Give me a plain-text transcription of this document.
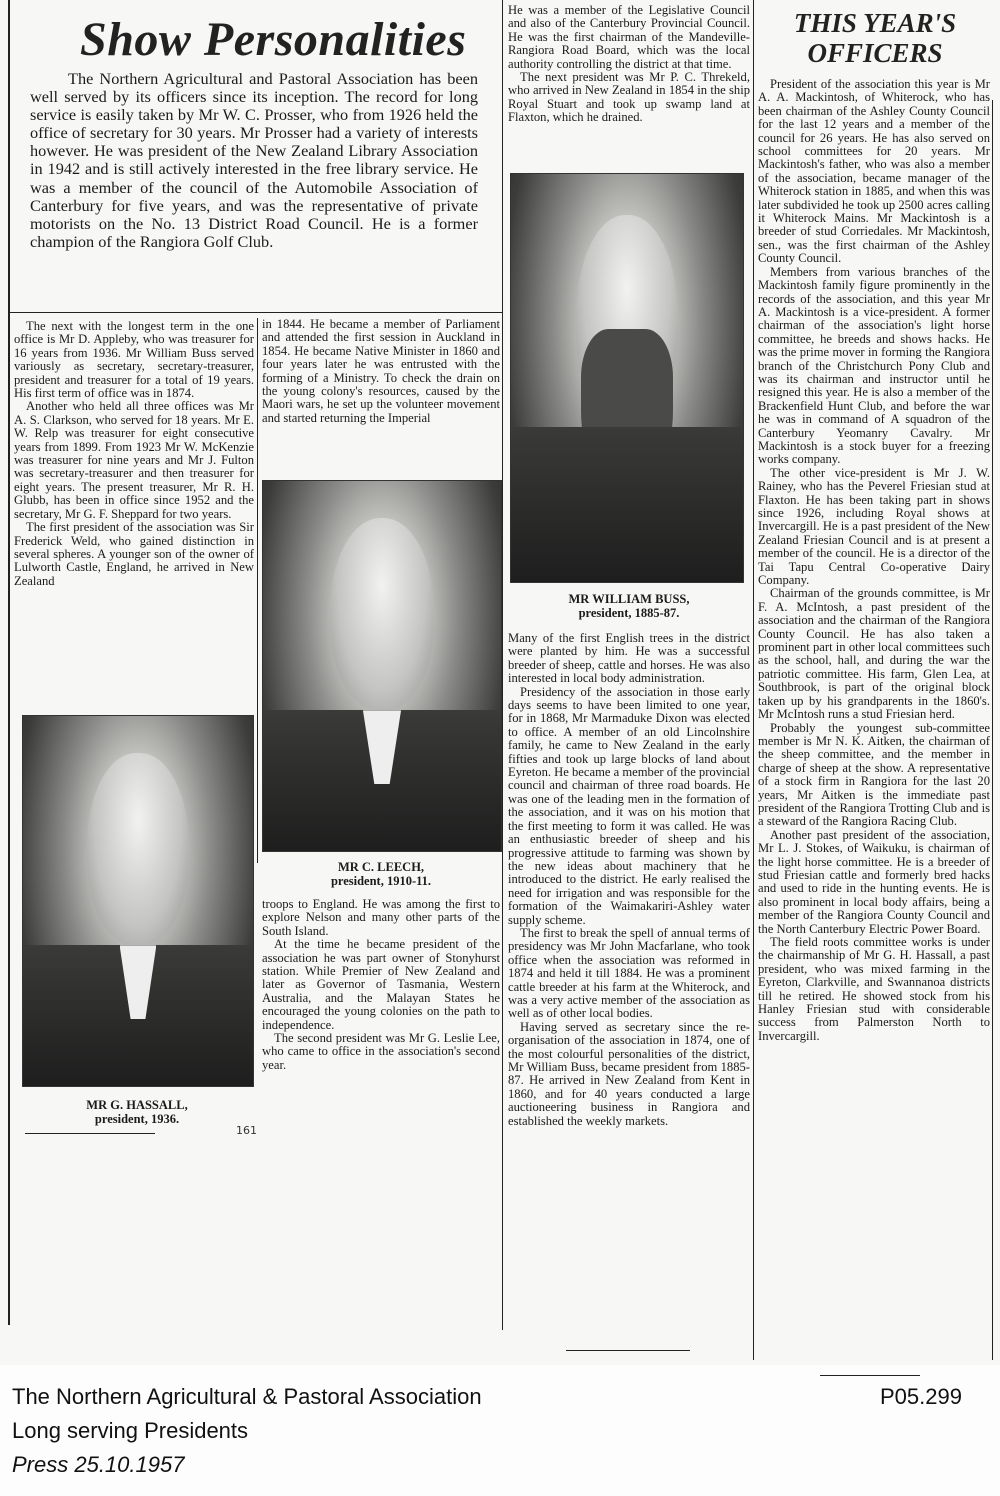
Show Personalities

The Northern Agricultural and Pastoral Association has been well served by its officers since its inception. The record for long service is easily taken by Mr W. C. Prosser, who from 1926 held the office of secretary for 30 years. Mr Prosser had a variety of interests however. He was president of the New Zealand Library Association in 1942 and is still actively interested in the free library service. He was a member of the council of the Automobile Association of Canterbury for five years, and was the representative of private motorists on the No. 13 District Road Council. He is a former champion of the Rangiora Golf Club.

The next with the longest term in the one office is Mr D. Appleby, who was treasurer for 16 years from 1936. Mr William Buss served variously as secretary, secretary-treasurer, president and treasurer for a total of 19 years. His first term of office was in 1874.

Another who held all three offices was Mr A. S. Clarkson, who served for 18 years. Mr E. W. Relp was treasurer for eight consecutive years from 1899. From 1923 Mr W. McKenzie was treasurer for nine years and Mr J. Fulton was secretary-treasurer and then treasurer for eight years. The present treasurer, Mr R. H. Glubb, has been in office since 1952 and the secretary, Mr G. F. Sheppard for two years.

The first president of the association was Sir Frederick Weld, who gained distinction in several spheres. A younger son of the owner of Lulworth Castle, England, he arrived in New Zealand

MR G. HASSALL,
president, 1936.
161

in 1844. He became a member of Parliament and attended the first session in Auckland in 1854. He became Native Minister in 1860 and four years later he was entrusted with the forming of a Ministry. To check the drain on the young colony's resources, caused by the Maori wars, he set up the volunteer movement and started returning the Imperial

MR C. LEECH,
president, 1910-11.

troops to England. He was among the first to explore Nelson and many other parts of the South Island.

At the time he became president of the association he was part owner of Stonyhurst station. While Premier of New Zealand and later as Governor of Tasmania, Western Australia, and the Malayan States he encouraged the young colonies on the path to independence.

The second president was Mr G. Leslie Lee, who came to office in the association's second year.

He was a member of the Legislative Council and also of the Canterbury Provincial Council. He was the first chairman of the Mandeville-Rangiora Road Board, which was the local authority controlling the district at that time.

The next president was Mr P. C. Threkeld, who arrived in New Zealand in 1854 in the ship Royal Stuart and took up swamp land at Flaxton, which he drained.

MR WILLIAM BUSS,
president, 1885-87.

Many of the first English trees in the district were planted by him. He was a successful breeder of sheep, cattle and horses. He was also interested in local body administration.

Presidency of the association in those early days seems to have been limited to one year, for in 1868, Mr Marmaduke Dixon was elected to office. A member of an old Lincolnshire family, he came to New Zealand in the early fifties and took up large blocks of land about Eyreton. He became a member of the provincial council and chairman of three road boards. He was one of the leading men in the formation of the association, and it was on his motion that the first meeting to form it was called. He was an enthusiastic breeder of sheep and his progressive attitude to farming was shown by the new ideas about machinery that he introduced to the district. He early realised the need for irrigation and was responsible for the formation of the Waimakariri-Ashley water supply scheme.

The first to break the spell of annual terms of presidency was Mr John Macfarlane, who took office when the association was reformed in 1874 and held it till 1884. He was a prominent cattle breeder at his farm at the Whiterock, and was a very active member of the association as well as of other local bodies.

Having served as secretary since the re-organisation of the association in 1874, one of the most colourful personalities of the district, Mr William Buss, became president from 1885-87. He arrived in New Zealand from Kent in 1860, and for 40 years conducted a large auctioneering business in Rangiora and established the weekly markets.

THIS YEAR'S
OFFICERS

President of the association this year is Mr A. A. Mackintosh, of Whiterock, who has been chairman of the Ashley County Council for the last 12 years and a member of the council for 26 years. He has also served on school committees for 20 years. Mr Mackintosh's father, who was also a member of the association, became manager of the Whiterock station in 1885, and when this was later subdivided he took up 2500 acres calling it Whiterock Mains. Mr Mackintosh is a breeder of stud Corriedales. Mr Mackintosh, sen., was the first chairman of the Ashley County Council.

Members from various branches of the Mackintosh family figure prominently in the records of the association, and this year Mr A. Mackintosh is a vice-president. A former chairman of the association's light horse committee, he breeds and shows hacks. He was the prime mover in forming the Rangiora branch of the Christchurch Pony Club and was its chairman and instructor until he resigned this year. He is also a member of the Brackenfield Hunt Club, and before the war he was in command of A squadron of the Canterbury Yeomanry Cavalry. Mr Mackintosh is a stock buyer for a freezing works company.

The other vice-president is Mr J. W. Rainey, who has the Peverel Friesian stud at Flaxton. He has been taking part in shows since 1926, including Royal shows at Invercargill. He is a past president of the New Zealand Friesian Council and is at present a member of the council. He is a director of the Tai Tapu Central Co-operative Dairy Company.

Chairman of the grounds committee, is Mr F. A. McIntosh, a past president of the association and the chairman of the Rangiora County Council. He has also taken a prominent part in other local committees such as the school, hall, and during the war the patriotic committee. His farm, Glen Lea, at Southbrook, is part of the original block taken up by his grandparents in the 1860's. Mr McIntosh runs a stud Friesian herd.

Probably the youngest sub-committee member is Mr N. K. Aitken, the chairman of the sheep committee, and the member in charge of sheep at the show. A representative of a stock firm in Rangiora for the last 20 years, Mr Aitken is the immediate past president of the Rangiora Trotting Club and is a steward of the Rangiora Racing Club.

Another past president of the association, Mr L. J. Stokes, of Waikuku, is chairman of the light horse committee. He is a breeder of stud Friesian cattle and formerly bred hacks and used to ride in the hunting events. He is also prominent in local body affairs, being a member of the Rangiora County Council and the North Canterbury Electric Power Board.

The field roots committee works is under the chairmanship of Mr G. H. Hassall, a past president, who was mixed farming in the Eyreton, Clarkville, and Swannanoa districts till he retired. He showed stock from his Hanley Friesian stud with considerable success from Palmerston North to Invercargill.

The Northern Agricultural & Pastoral Association	P05.299
Long serving Presidents
Press 25.10.1957
